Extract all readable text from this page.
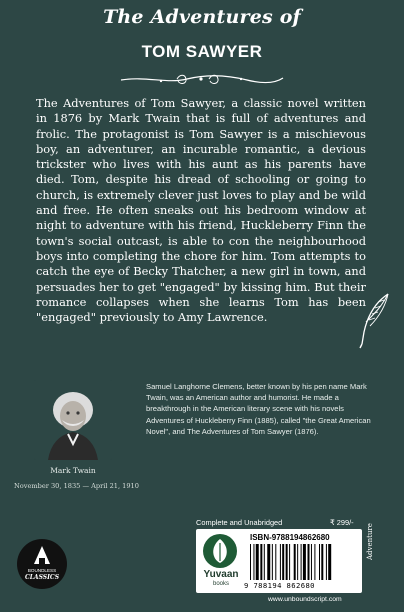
The Adventures of
TOM SAWYER

The Adventures of Tom Sawyer, a classic novel written in 1876 by Mark Twain that is full of adventures and frolic. The protagonist is Tom Sawyer is a mischievous boy, an adventurer, an incurable romantic, a devious trickster who lives with his aunt as his parents have died. Tom, despite his dread of schooling or going to church, is extremely clever just loves to play and be wild and free. He often sneaks out his bedroom window at night to adventure with his friend, Huckleberry Finn the town's social outcast, is able to con the neighbourhood boys into completing the chore for him. Tom attempts to catch the eye of Becky Thatcher, a new girl in town, and persuades her to get "engaged" by kissing him. But their romance collapses when she learns Tom has been "engaged" previously to Amy Lawrence.

Mark Twain
November 30, 1835 — April 21, 1910

Samuel Langhorne Clemens, better known by his pen name Mark Twain, was an American author and humorist. He made a breakthrough in the American literary scene with his novels Adventures of Huckleberry Finn (1885), called "the Great American Novel", and The Adventures of Tom Sawyer (1876).

BOUNDLESS
CLASSICS
Complete and Unabridged	₹ 299/-
Yuvaan
books
ISBN-9788194862680
9 788194 862680
Adventure
www.unboundscript.com
